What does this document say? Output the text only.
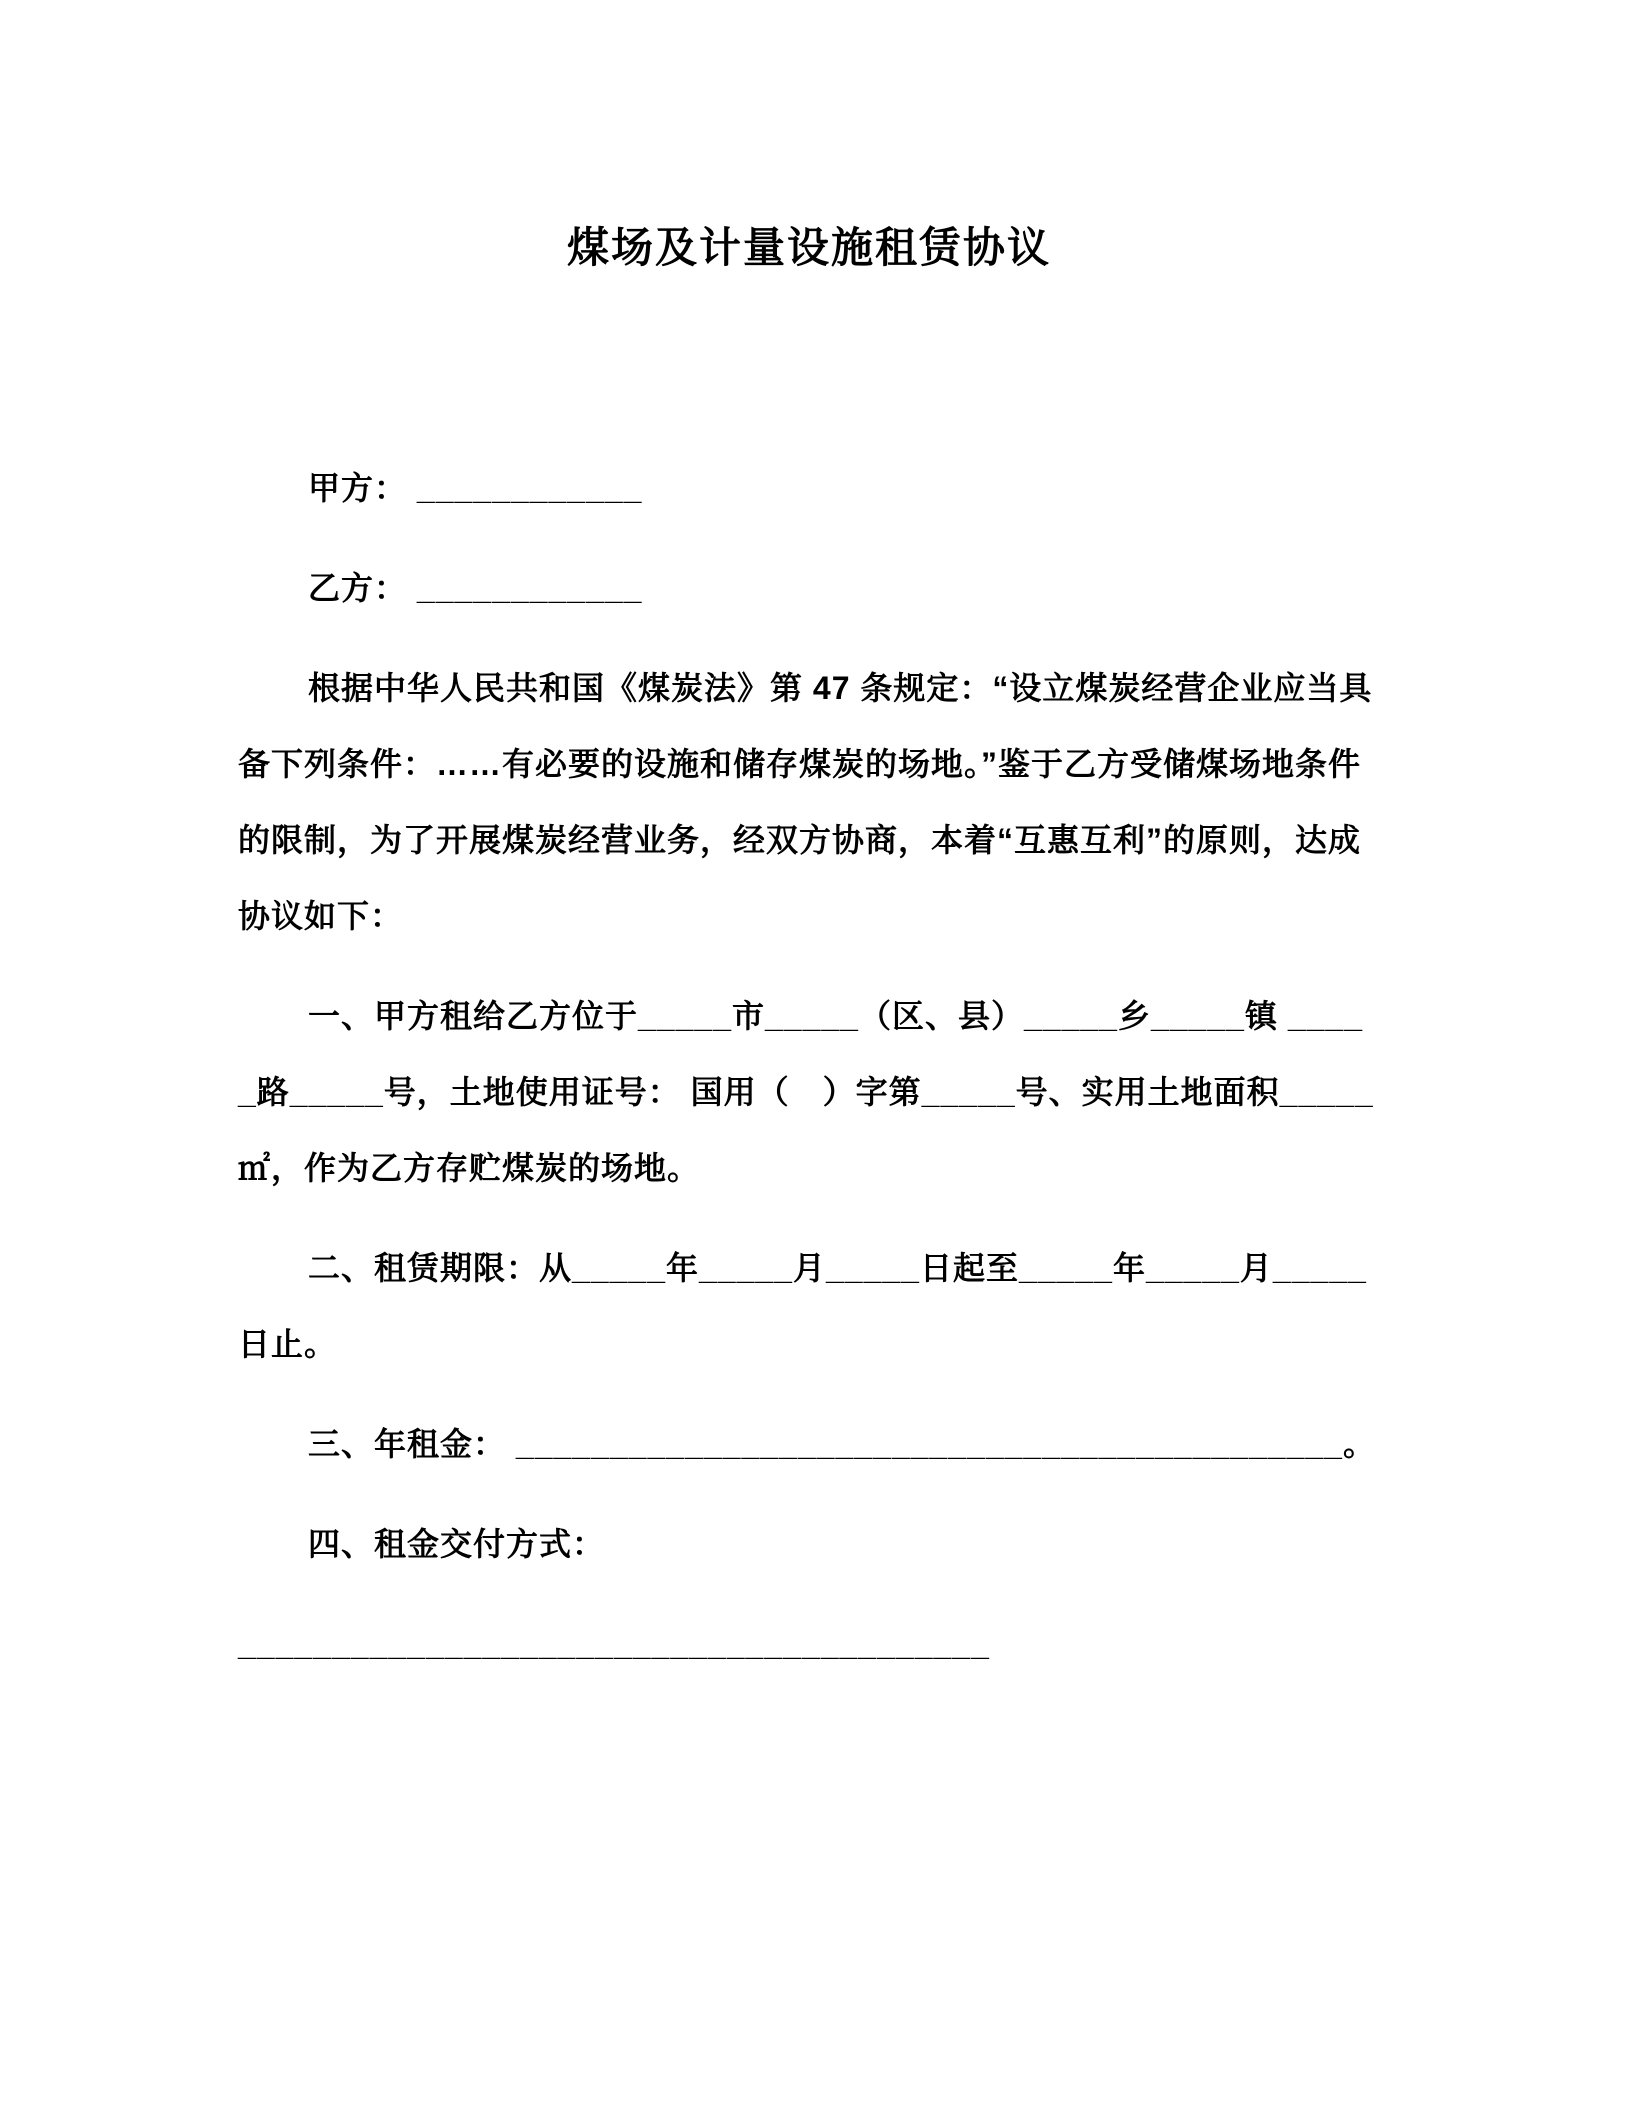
煤场及计量设施租赁协议

甲方： ____________

乙方： ____________

根据中华人民共和国《煤炭法》第 47 条规定：“设立煤炭经营企业应当具备下列条件：……有必要的设施和储存煤炭的场地。”鉴于乙方受储煤场地条件的限制，为了开展煤炭经营业务，经双方协商，本着“互惠互利”的原则，达成协议如下：

一、甲方租给乙方位于_____市_____（区、县）_____乡_____镇 _____路_____号，土地使用证号： 国用（　）字第_____号、实用土地面积_____㎡，作为乙方存贮煤炭的场地。

二、租赁期限：从_____年_____月_____日起至_____年_____月_____日止。

三、年租金： ____________________________________________。

四、租金交付方式：

________________________________________
